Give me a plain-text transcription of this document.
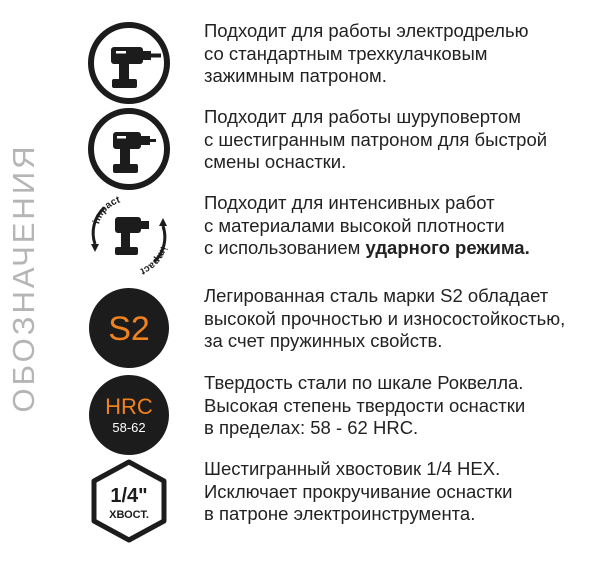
ОБОЗНАЧЕНИЯ
Подходит для работы электродрелью
со стандартным трехкулачковым
зажимным патроном.
Подходит для работы шуруповертом
с шестигранным патроном для быстрой
смены оснастки.
impact
impact
Подходит для интенсивных работ
с материалами высокой плотности
с использованием ударного режима.
S2
Легированная сталь марки S2 обладает
высокой прочностью и износостойкостью,
за счет пружинных свойств.
HRC
58-62
Твердость стали по шкале Роквелла.
Высокая степень твердости оснастки
в пределах: 58 - 62 HRC.
1/4"
ХВОСТ.
Шестигранный хвостовик 1/4 HEX.
Исключает прокручивание оснастки
в патроне электроинструмента.
